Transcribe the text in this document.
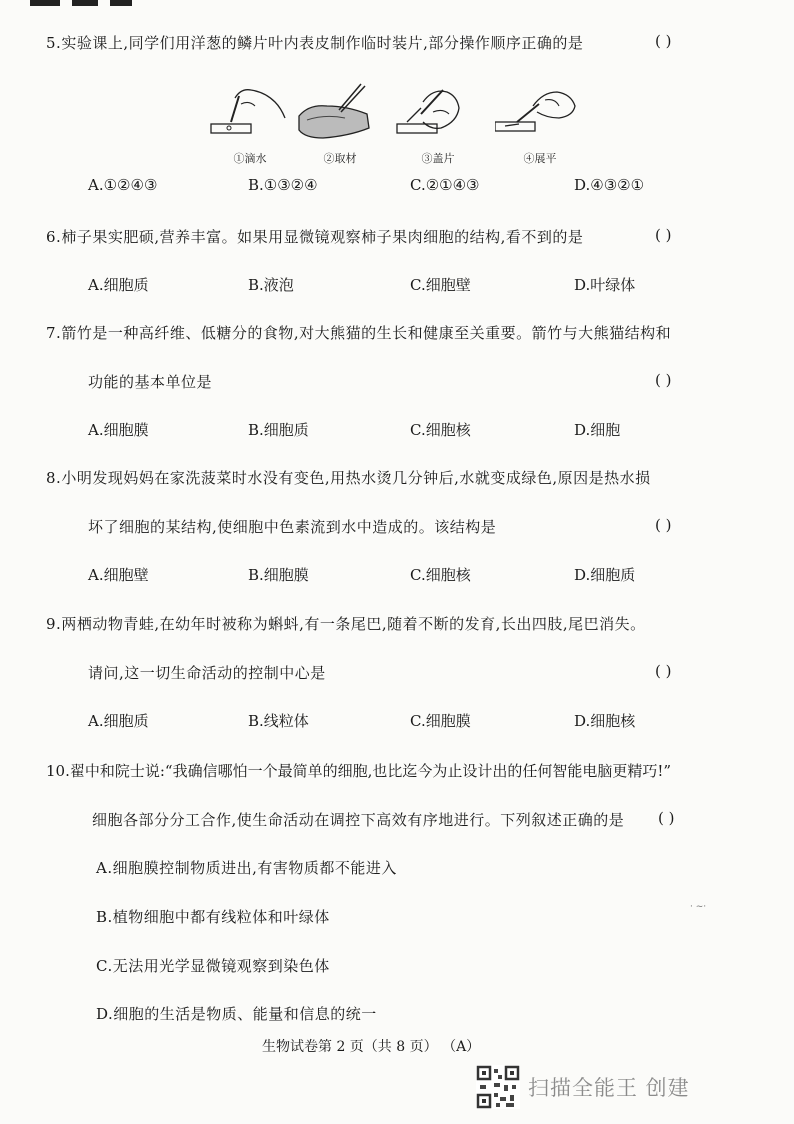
5.实验课上,同学们用洋葱的鳞片叶内表皮制作临时装片,部分操作顺序正确的是	( )
①滴水	②取材	③盖片	④展平
A.①②④③	B.①③②④	C.②①④③	D.④③②①
6.柿子果实肥硕,营养丰富。如果用显微镜观察柿子果肉细胞的结构,看不到的是	( )
A.细胞质	B.液泡	C.细胞壁	D.叶绿体
7.箭竹是一种高纤维、低糖分的食物,对大熊猫的生长和健康至关重要。箭竹与大熊猫结构和
功能的基本单位是	( )
A.细胞膜	B.细胞质	C.细胞核	D.细胞
8.小明发现妈妈在家洗菠菜时水没有变色,用热水烫几分钟后,水就变成绿色,原因是热水损
坏了细胞的某结构,使细胞中色素流到水中造成的。该结构是	( )
A.细胞壁	B.细胞膜	C.细胞核	D.细胞质
9.两栖动物青蛙,在幼年时被称为蝌蚪,有一条尾巴,随着不断的发育,长出四肢,尾巴消失。
请问,这一切生命活动的控制中心是	( )
A.细胞质	B.线粒体	C.细胞膜	D.细胞核
10.翟中和院士说:“我确信哪怕一个最简单的细胞,也比迄今为止设计出的任何智能电脑更精巧!”
细胞各部分分工合作,使生命活动在调控下高效有序地进行。下列叙述正确的是 ( )
A.细胞膜控制物质进出,有害物质都不能进入
B.植物细胞中都有线粒体和叶绿体
C.无法用光学显微镜观察到染色体
D.细胞的生活是物质、能量和信息的统一
· ~·
生物试卷第 2 页（共 8 页） （A）
扫描全能王 创建
